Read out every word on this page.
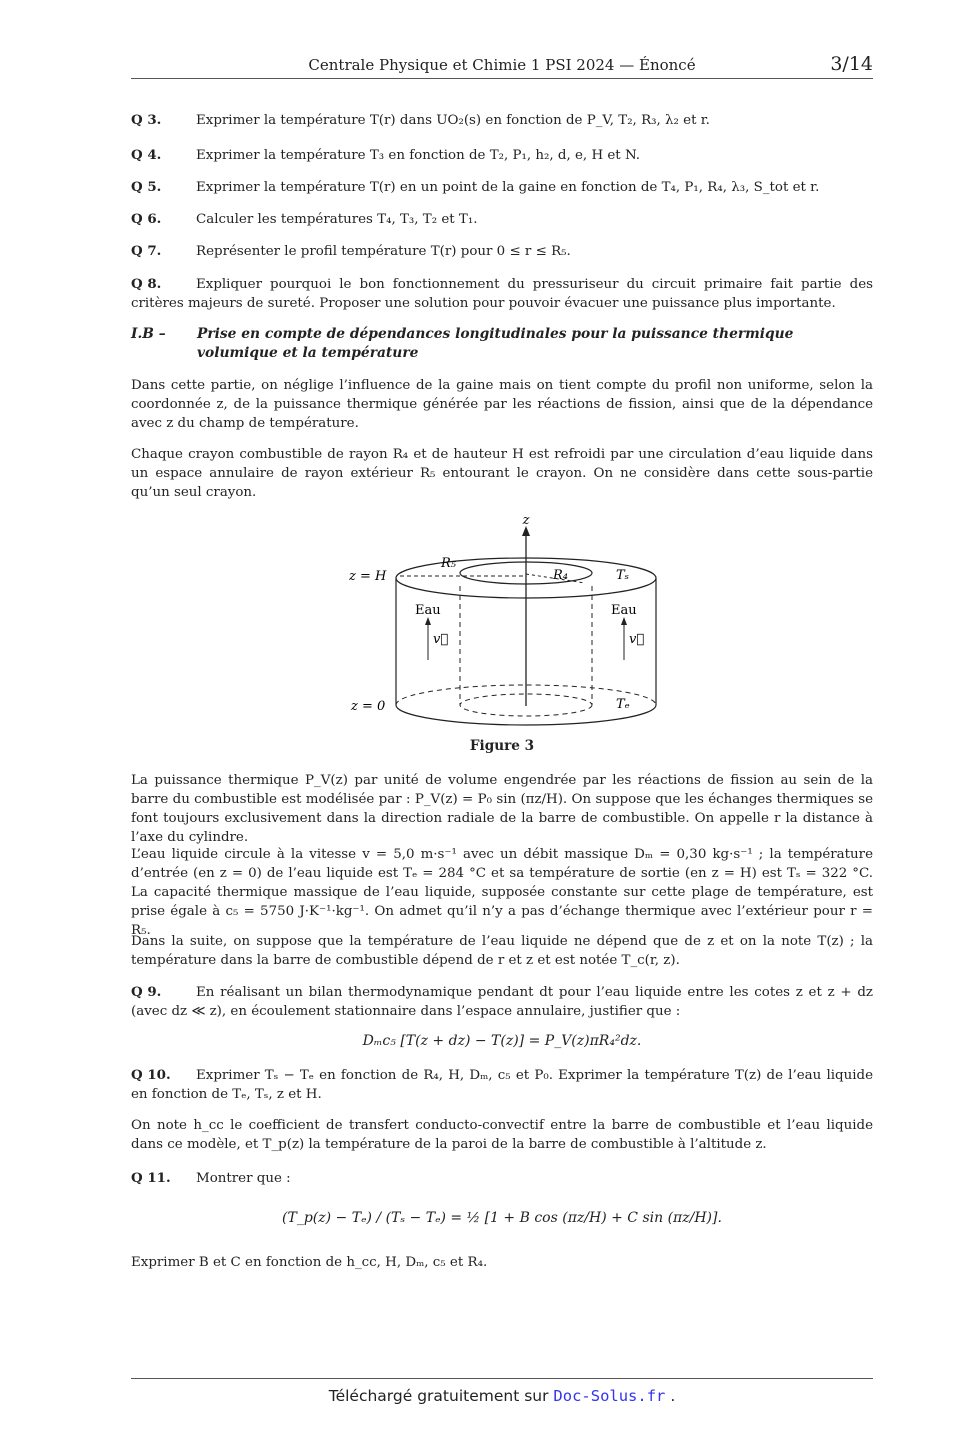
Centrale Physique et Chimie 1 PSI 2024 — Énoncé	3/14
Q 3.	Exprimer la température T(r) dans UO₂(s) en fonction de P_V, T₂, R₃, λ₂ et r.
Q 4.	Exprimer la température T₃ en fonction de T₂, P₁, h₂, d, e, H et N.
Q 5.	Exprimer la température T(r) en un point de la gaine en fonction de T₄, P₁, R₄, λ₃, S_tot et r.
Q 6.	Calculer les températures T₄, T₃, T₂ et T₁.
Q 7.	Représenter le profil température T(r) pour 0 ≤ r ≤ R₅.
Q 8.	Expliquer pourquoi le bon fonctionnement du pressuriseur du circuit primaire fait partie des critères majeurs de sureté. Proposer une solution pour pouvoir évacuer une puissance plus importante.
I.B – Prise en compte de dépendances longitudinales pour la puissance thermique volumique et la température

Dans cette partie, on néglige l’influence de la gaine mais on tient compte du profil non uniforme, selon la coordonnée z, de la puissance thermique générée par les réactions de fission, ainsi que de la dépendance avec z du champ de température.

Chaque crayon combustible de rayon R₄ et de hauteur H est refroidi par une circulation d’eau liquide dans un espace annulaire de rayon extérieur R₅ entourant le crayon. On ne considère dans cette sous-partie qu’un seul crayon.

z
z = H
z = 0
R₅
R₄	Tₛ
Tₑ
Eau	Eau
v⃗	v⃗
Figure 3

La puissance thermique P_V(z) par unité de volume engendrée par les réactions de fission au sein de la barre du combustible est modélisée par : P_V(z) = P₀ sin (πz/H). On suppose que les échanges thermiques se font toujours exclusivement dans la direction radiale de la barre de combustible. On appelle r la distance à l’axe du cylindre.

L’eau liquide circule à la vitesse v = 5,0 m·s⁻¹ avec un débit massique Dₘ = 0,30 kg·s⁻¹ ; la température d’entrée (en z = 0) de l’eau liquide est Tₑ = 284 °C et sa température de sortie (en z = H) est Tₛ = 322 °C. La capacité thermique massique de l’eau liquide, supposée constante sur cette plage de température, est prise égale à c₅ = 5750 J·K⁻¹·kg⁻¹. On admet qu’il n’y a pas d’échange thermique avec l’extérieur pour r = R₅.

Dans la suite, on suppose que la température de l’eau liquide ne dépend que de z et on la note T(z) ; la température dans la barre de combustible dépend de r et z et est notée T_c(r, z).

Q 9.	En réalisant un bilan thermodynamique pendant dt pour l’eau liquide entre les cotes z et z + dz (avec dz ≪ z), en écoulement stationnaire dans l’espace annulaire, justifier que :
Dₘc₅ [T(z + dz) − T(z)] = P_V(z)πR₄²dz.
Q 10. Exprimer Tₛ − Tₑ en fonction de R₄, H, Dₘ, c₅ et P₀. Exprimer la température T(z) de l’eau liquide en fonction de Tₑ, Tₛ, z et H.

On note h_cc le coefficient de transfert conducto-convectif entre la barre de combustible et l’eau liquide dans ce modèle, et T_p(z) la température de la paroi de la barre de combustible à l’altitude z.

Q 11. Montrer que :
(T_p(z) − Tₑ) / (Tₛ − Tₑ) = ½ [1 + B cos (πz/H) + C sin (πz/H)].

Exprimer B et C en fonction de h_cc, H, Dₘ, c₅ et R₄.

Téléchargé gratuitement sur Doc-Solus.fr .
